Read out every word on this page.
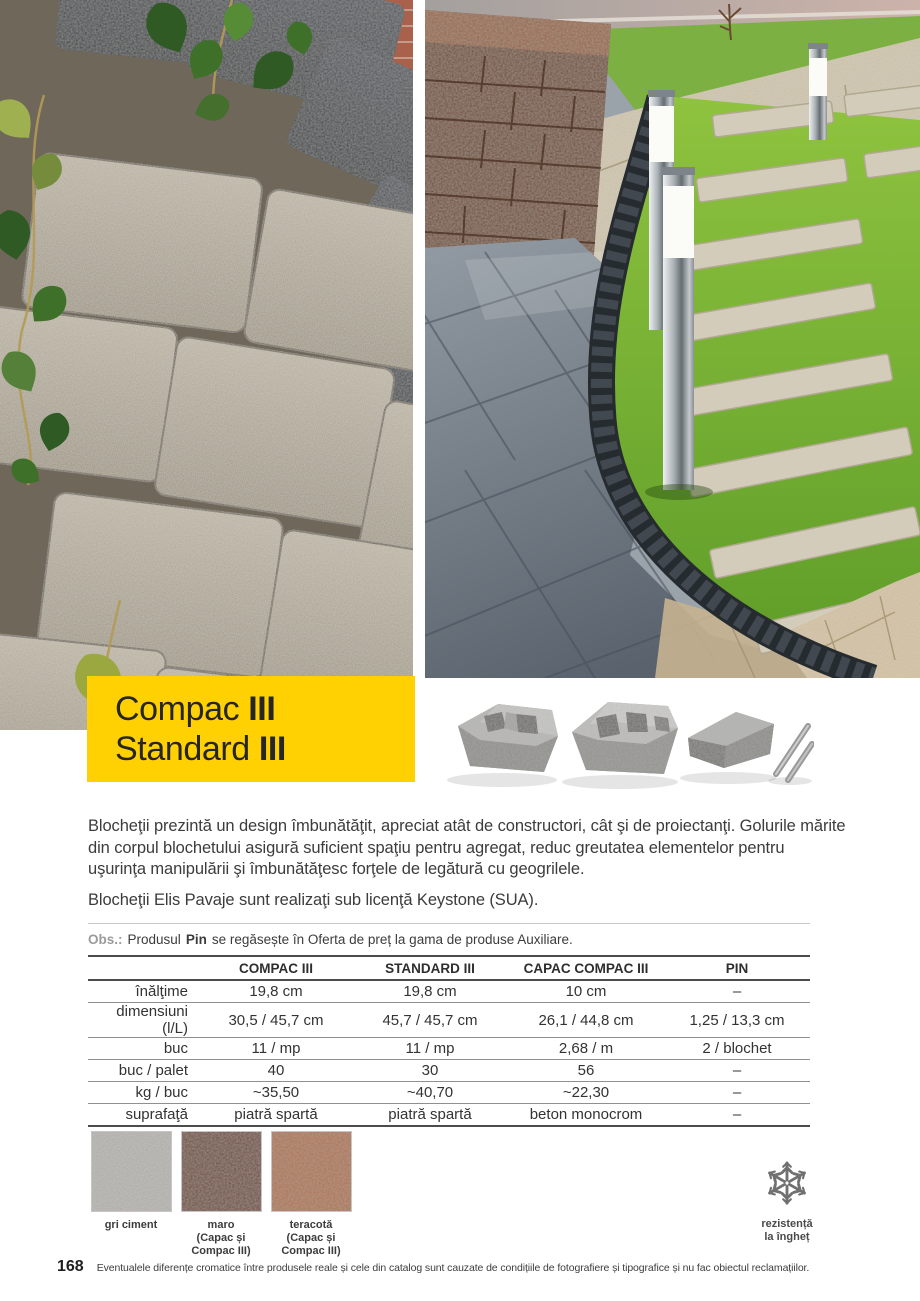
Compac III
Standard III

Blocheţii prezintă un design îmbunătăţit, apreciat atât de constructori, cât şi de proiectanţi. Golurile mărite din corpul blochetului asigură suficient spaţiu pentru agregat, reduc greutatea elementelor pentru uşurinţa manipulării şi îmbunătăţesc forţele de legătură cu geogrilele.

Blocheţii Elis Pavaje sunt realizaţi sub licenţă Keystone (SUA).

Obs.: Produsul Pin se regăsește în Oferta de preț la gama de produse Auxiliare.
	COMPAC III	STANDARD III	CAPAC COMPAC III	PIN
înălţime	19,8 cm	19,8 cm	10 cm	–
dimensiuni (l/L)	30,5 / 45,7 cm	45,7 / 45,7 cm	26,1 / 44,8 cm	1,25 / 13,3 cm
buc	11 / mp	11 / mp	2,68 / m	2 / blochet
buc / palet	40	30	56	–
kg / buc	~35,50	~40,70	~22,30	–
suprafaţă	piatră spartă	piatră spartă	beton monocrom	–
gri ciment	maro
(Capac și
Compac III)
teracotă
(Capac și
Compac III)
rezistență
la îngheț
168 Eventualele diferențe cromatice între produsele reale și cele din catalog sunt cauzate de condițiile de fotografiere și tipografice și nu fac obiectul reclamațiilor.
